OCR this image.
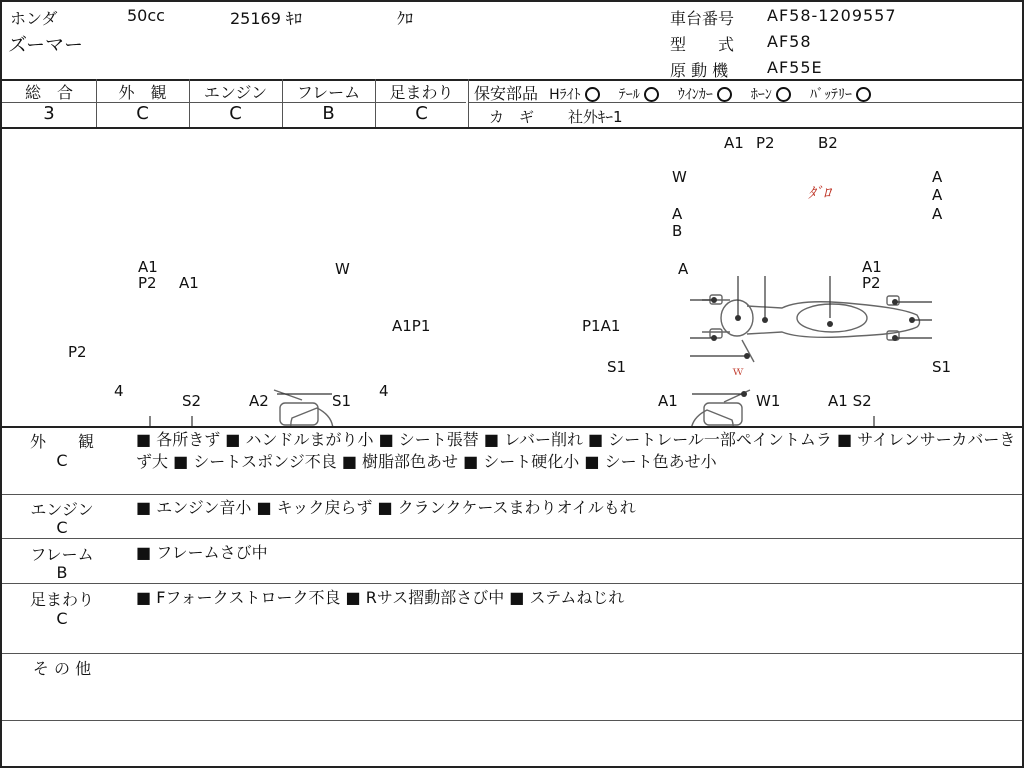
ホンダ	50cc	25169 ｷﾛ	ｸﾛ
ズーマー
車台番号 AF58-1209557
型　　式 AF58
原 動 機 AF55E
総　合
3
外　観
C
エンジン
C
フレーム
B
足まわり
C
保安部品 Hﾗｲﾄ	ﾃｰﾙ	ｳｲﾝｶｰ	ﾎｰﾝ	ﾊﾞｯﾃﾘｰ
カ　ギ 社外ｷｰ1
A1 P2	B2
W
A
B
A
A
A
ﾀﾞﾛ
A1
P2 A1
W
A1P1
P2
4	4
S2	A2	S1
A	A1
P2
P1A1
S1	S1
A1	W1	A1 S2
ｗ
外　　観
C
■ 各所きず ■ ハンドルまがり小 ■ シート張替 ■ レバー削れ ■ シートレール一部ペイントムラ ■ サイレンサーカバーきず大 ■ シートスポンジ不良 ■ 樹脂部色あせ ■ シート硬化小 ■ シート色あせ小
エンジン
C
■ エンジン音小 ■ キック戻らず ■ クランクケースまわりオイルもれ
フレーム
B
■ フレームさび中
足まわり
C
■ Fフォークストローク不良 ■ Rサス摺動部さび中 ■ ステムねじれ
そ の 他
